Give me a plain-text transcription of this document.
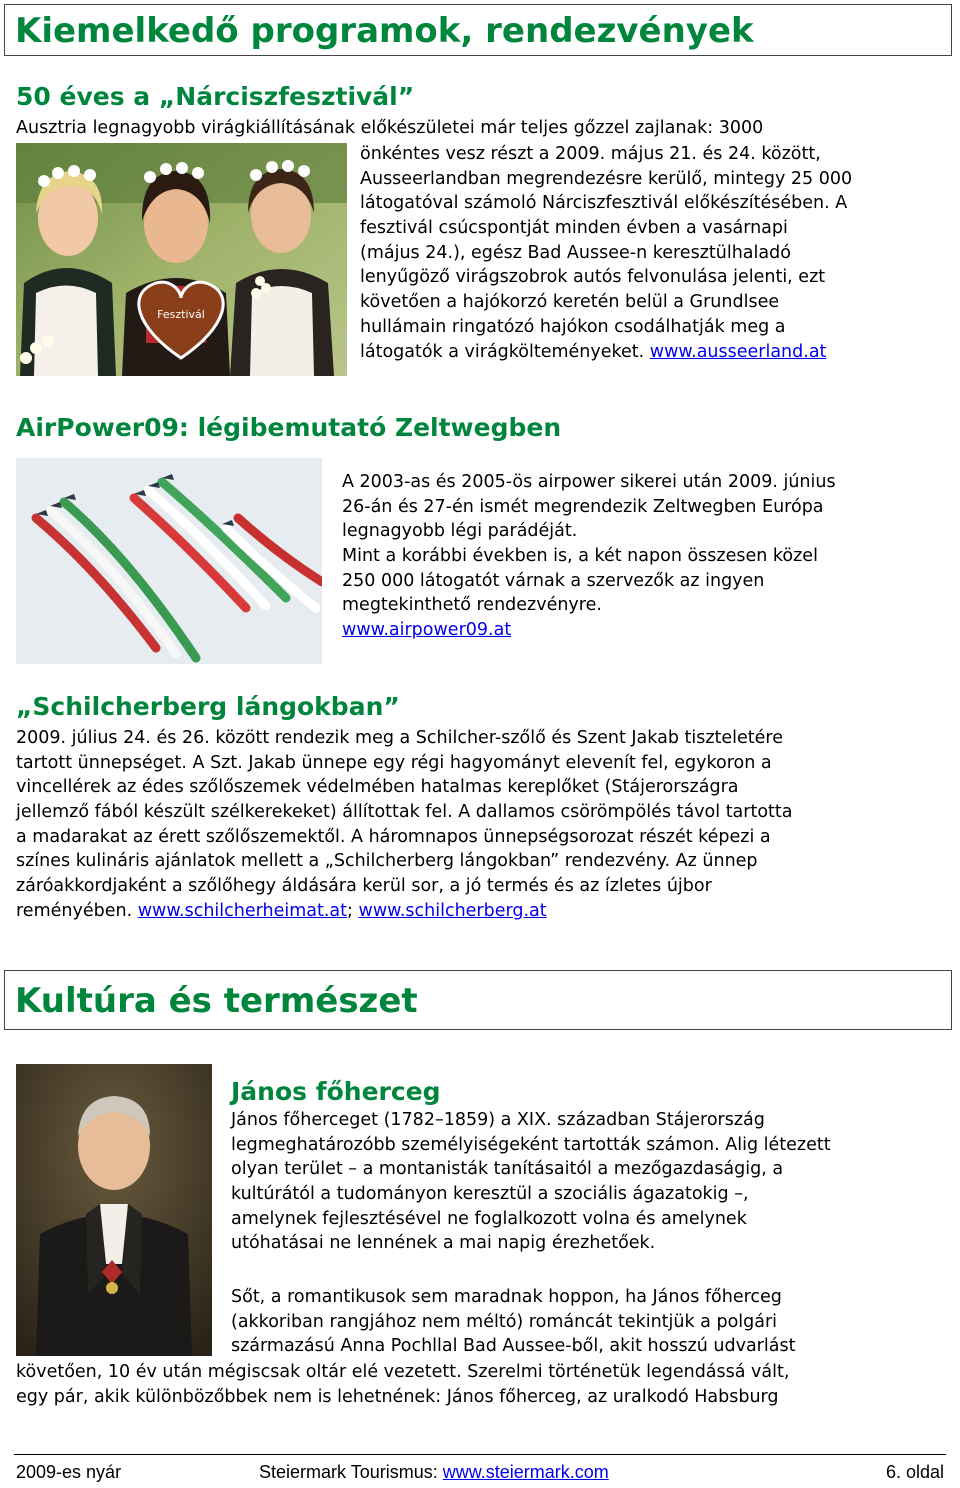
Kiemelkedő programok, rendezvények
50 éves a „Nárciszfesztivál”
Ausztria legnagyobb virágkiállításának előkészületei már teljes gőzzel zajlanak: 3000
Fesztivál
önkéntes vesz részt a 2009. május 21. és 24. között,
Ausseerlandban megrendezésre kerülő, mintegy 25 000
látogatóval számoló Nárciszfesztivál előkészítésében. A
fesztivál csúcspontját minden évben a vasárnapi
(május 24.), egész Bad Aussee-n keresztülhaladó
lenyűgöző virágszobrok autós felvonulása jelenti, ezt
követően a hajókorzó keretén belül a Grundlsee
hullámain ringatózó hajókon csodálhatják meg a
látogatók a virágkölteményeket. www.ausseerland.at
AirPower09: légibemutató Zeltwegben
A 2003-as és 2005-ös airpower sikerei után 2009. június
26-án és 27-én ismét megrendezik Zeltwegben Európa
legnagyobb légi parádéját.
Mint a korábbi években is, a két napon összesen közel
250 000 látogatót várnak a szervezők az ingyen
megtekinthető rendezvényre.
www.airpower09.at
„Schilcherberg lángokban”
2009. július 24. és 26. között rendezik meg a Schilcher-szőlő és Szent Jakab tiszteletére
tartott ünnepséget. A Szt. Jakab ünnepe egy régi hagyományt elevenít fel, egykoron a
vincellérek az édes szőlőszemek védelmében hatalmas kereplőket (Stájerországra
jellemző fából készült szélkerekeket) állítottak fel. A dallamos csörömpölés távol tartotta
a madarakat az érett szőlőszemektől. A háromnapos ünnepségsorozat részét képezi a
színes kulináris ajánlatok mellett a „Schilcherberg lángokban” rendezvény. Az ünnep
záróakkordjaként a szőlőhegy áldására kerül sor, a jó termés és az ízletes újbor
reményében. www.schilcherheimat.at; www.schilcherberg.at
Kultúra és természet
János főherceg
János főherceget (1782–1859) a XIX. században Stájerország
legmeghatározóbb személyiségeként tartották számon. Alig létezett
olyan terület – a montanisták tanításaitól a mezőgazdaságig, a
kultúrától a tudományon keresztül a szociális ágazatokig –,
amelynek fejlesztésével ne foglalkozott volna és amelynek
utóhatásai ne lennének a mai napig érezhetőek.
Sőt, a romantikusok sem maradnak hoppon, ha János főherceg
(akkoriban rangjához nem méltó) románcát tekintjük a polgári
származású Anna Pochllal Bad Aussee-ből, akit hosszú udvarlást
követően, 10 év után mégiscsak oltár elé vezetett. Szerelmi történetük legendássá vált,
egy pár, akik különbözőbbek nem is lehetnének: János főherceg, az uralkodó Habsburg
2009-es nyár	Steiermark Tourismus: www.steiermark.com	6. oldal
